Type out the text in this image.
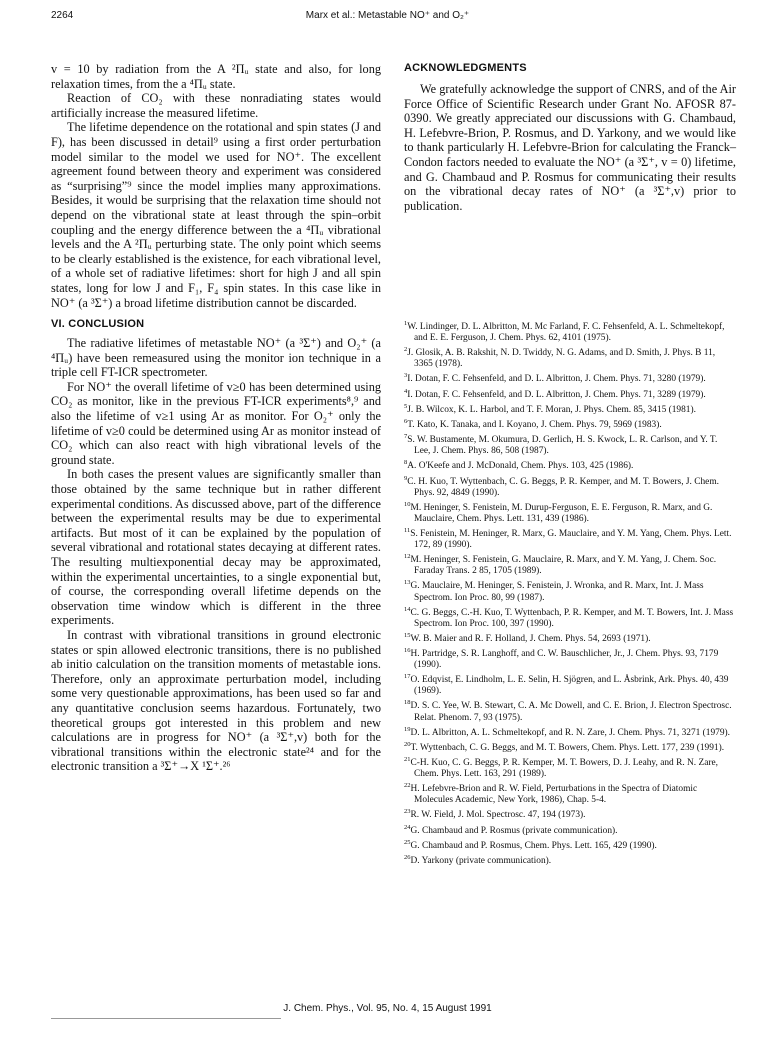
2264	Marx et al.: Metastable NO⁺ and O₂⁺

v = 10 by radiation from the A ²Πᵤ state and also, for long relaxation times, from the a ⁴Πᵤ state.

Reaction of CO₂ with these nonradiating states would artificially increase the measured lifetime.

The lifetime dependence on the rotational and spin states (J and F), has been discussed in detail⁹ using a first order perturbation model similar to the model we used for NO⁺. The excellent agreement found between theory and experiment was considered as “surprising”⁹ since the model implies many approximations. Besides, it would be surprising that the relaxation time should not depend on the vibrational state at least through the spin–orbit coupling and the energy difference between the a ⁴Πᵤ vibrational levels and the A ²Πᵤ perturbing state. The only point which seems to be clearly established is the existence, for each vibrational level, of a whole set of radiative lifetimes: short for high J and all spin states, long for low J and F₁, F₄ spin states. In this case like in NO⁺ (a ³Σ⁺) a broad lifetime distribution cannot be discarded.

VI. CONCLUSION

The radiative lifetimes of metastable NO⁺ (a ³Σ⁺) and O₂⁺ (a ⁴Πᵤ) have been remeasured using the monitor ion technique in a triple cell FT-ICR spectrometer.

For NO⁺ the overall lifetime of v≥0 has been determined using CO₂ as monitor, like in the previous FT-ICR experiments⁸,⁹ and also the lifetime of v≥1 using Ar as monitor. For O₂⁺ only the lifetime of v≥0 could be determined using Ar as monitor instead of CO₂ which can also react with high vibrational levels of the ground state.

In both cases the present values are significantly smaller than those obtained by the same technique but in rather different experimental conditions. As discussed above, part of the difference between the experimental results may be due to experimental artifacts. But most of it can be explained by the population of several vibrational and rotational states decaying at different rates. The resulting multiexponential decay may be approximated, within the experimental uncertainties, to a single exponential but, of course, the corresponding overall lifetime depends on the observation time window which is different in the three experiments.

In contrast with vibrational transitions in ground electronic states or spin allowed electronic transitions, there is no published ab initio calculation on the transition moments of metastable ions. Therefore, only an approximate perturbation model, including some very questionable approximations, has been used so far and any quantitative conclusion seems hazardous. Fortunately, two theoretical groups got interested in this problem and new calculations are in progress for NO⁺ (a ³Σ⁺,v) both for the vibrational transitions within the electronic state²⁴ and for the electronic transition a ³Σ⁺→X ¹Σ⁺.²⁶

ACKNOWLEDGMENTS

We gratefully acknowledge the support of CNRS, and of the Air Force Office of Scientific Research under Grant No. AFOSR 87-0390. We greatly appreciated our discussions with G. Chambaud, H. Lefebvre-Brion, P. Rosmus, and D. Yarkony, and we would like to thank particularly H. Lefebvre-Brion for calculating the Franck–Condon factors needed to evaluate the NO⁺ (a ³Σ⁺, v = 0) lifetime, and G. Chambaud and P. Rosmus for communicating their results on the vibrational decay rates of NO⁺ (a ³Σ⁺,v) prior to publication.

$^1$W. Lindinger, D. L. Albritton, M. Mc Farland, F. C. Fehsenfeld, A. L. Schmeltekopf, and E. E. Ferguson, J. Chem. Phys. 62, 4101 (1975).
$^2$J. Glosik, A. B. Rakshit, N. D. Twiddy, N. G. Adams, and D. Smith, J. Phys. B 11, 3365 (1978).
$^3$I. Dotan, F. C. Fehsenfeld, and D. L. Albritton, J. Chem. Phys. 71, 3280 (1979).
$^4$I. Dotan, F. C. Fehsenfeld, and D. L. Albritton, J. Chem. Phys. 71, 3289 (1979).
$^5$J. B. Wilcox, K. L. Harbol, and T. F. Moran, J. Phys. Chem. 85, 3415 (1981).
$^6$T. Kato, K. Tanaka, and I. Koyano, J. Chem. Phys. 79, 5969 (1983).
$^7$S. W. Bustamente, M. Okumura, D. Gerlich, H. S. Kwock, L. R. Carlson, and Y. T. Lee, J. Chem. Phys. 86, 508 (1987).
$^8$A. O'Keefe and J. McDonald, Chem. Phys. 103, 425 (1986).
$^9$C. H. Kuo, T. Wyttenbach, C. G. Beggs, P. R. Kemper, and M. T. Bowers, J. Chem. Phys. 92, 4849 (1990).
$^{10}$M. Heninger, S. Fenistein, M. Durup-Ferguson, E. E. Ferguson, R. Marx, and G. Mauclaire, Chem. Phys. Lett. 131, 439 (1986).
$^{11}$S. Fenistein, M. Heninger, R. Marx, G. Mauclaire, and Y. M. Yang, Chem. Phys. Lett. 172, 89 (1990).
$^{12}$M. Heninger, S. Fenistein, G. Mauclaire, R. Marx, and Y. M. Yang, J. Chem. Soc. Faraday Trans. 2 85, 1705 (1989).
$^{13}$G. Mauclaire, M. Heninger, S. Fenistein, J. Wronka, and R. Marx, Int. J. Mass Spectrom. Ion Proc. 80, 99 (1987).
$^{14}$C. G. Beggs, C.-H. Kuo, T. Wyttenbach, P. R. Kemper, and M. T. Bowers, Int. J. Mass Spectrom. Ion Proc. 100, 397 (1990).
$^{15}$W. B. Maier and R. F. Holland, J. Chem. Phys. 54, 2693 (1971).
$^{16}$H. Partridge, S. R. Langhoff, and C. W. Bauschlicher, Jr., J. Chem. Phys. 93, 7179 (1990).
$^{17}$O. Edqvist, E. Lindholm, L. E. Selin, H. Sjögren, and L. Åsbrink, Ark. Phys. 40, 439 (1969).
$^{18}$D. S. C. Yee, W. B. Stewart, C. A. Mc Dowell, and C. E. Brion, J. Electron Spectrosc. Relat. Phenom. 7, 93 (1975).
$^{19}$D. L. Albritton, A. L. Schmeltekopf, and R. N. Zare, J. Chem. Phys. 71, 3271 (1979).
$^{20}$T. Wyttenbach, C. G. Beggs, and M. T. Bowers, Chem. Phys. Lett. 177, 239 (1991).
$^{21}$C-H. Kuo, C. G. Beggs, P. R. Kemper, M. T. Bowers, D. J. Leahy, and R. N. Zare, Chem. Phys. Lett. 163, 291 (1989).
$^{22}$H. Lefebvre-Brion and R. W. Field, Perturbations in the Spectra of Diatomic Molecules Academic, New York, 1986), Chap. 5-4.
$^{23}$R. W. Field, J. Mol. Spectrosc. 47, 194 (1973).
$^{24}$G. Chambaud and P. Rosmus (private communication).
$^{25}$G. Chambaud and P. Rosmus, Chem. Phys. Lett. 165, 429 (1990).
$^{26}$D. Yarkony (private communication).
J. Chem. Phys., Vol. 95, No. 4, 15 August 1991
